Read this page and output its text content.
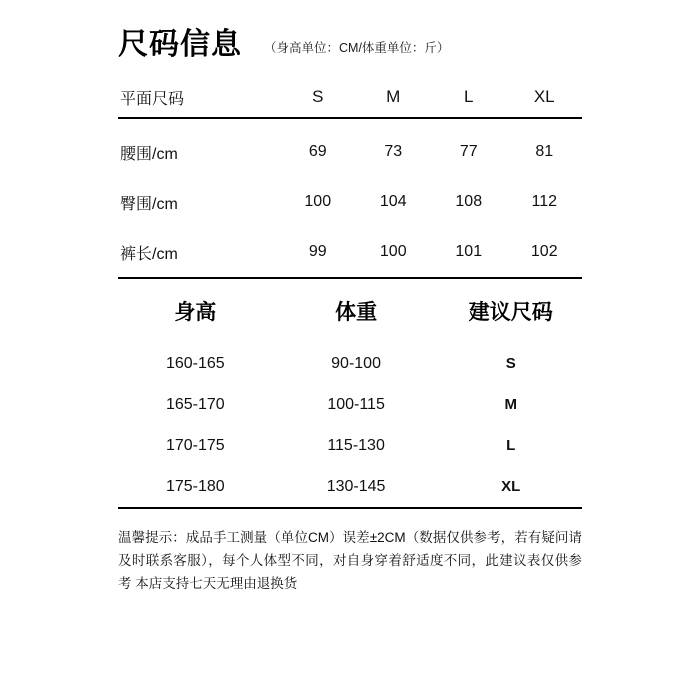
尺码信息 （身高单位：CM/体重单位：斤）
平面尺码	S	M	L	XL
腰围/cm	69	73	77	81
臀围/cm	100	104	108	112
裤长/cm	99	100	101	102
身高	体重	建议尺码
160-165	90-100	S
165-170	100-115	M
170-175	115-130	L
175-180	130-145	XL
温馨提示：成品手工测量（单位CM）误差±2CM（数据仅供参考，若有疑问请及时联系客服），每个人体型不同，对自身穿着舒适度不同，此建议表仅供参考 本店支持七天无理由退换货
